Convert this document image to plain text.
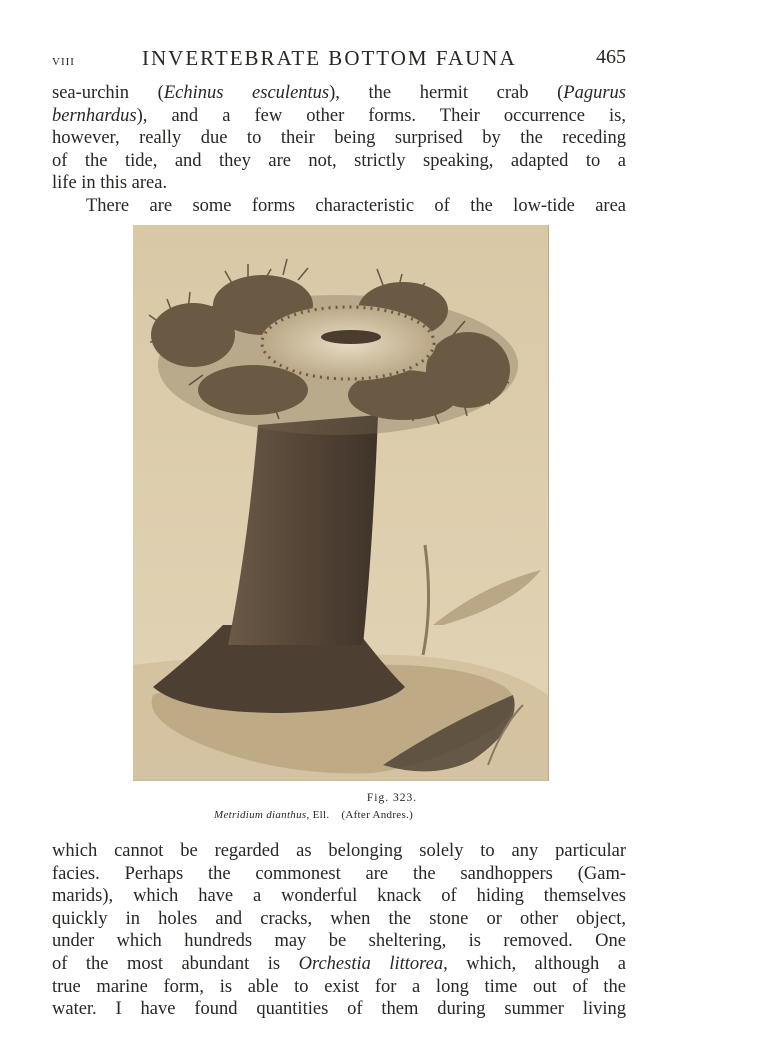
VIII	INVERTEBRATE BOTTOM FAUNA	465
sea-urchin (Echinus esculentus), the hermit crab (Pagurus
bernhardus), and a few other forms. Their occurrence is,
however, really due to their being surprised by the receding
of the tide, and they are not, strictly speaking, adapted to a
life in this area.
There are some forms characteristic of the low-tide area
Fig. 323.
Metridium dianthus, Ell. (After Andres.)
which cannot be regarded as belonging solely to any particular
facies. Perhaps the commonest are the sandhoppers (Gam-
marids), which have a wonderful knack of hiding themselves
quickly in holes and cracks, when the stone or other object,
under which hundreds may be sheltering, is removed. One
of the most abundant is Orchestia littorea, which, although a
true marine form, is able to exist for a long time out of the
water. I have found quantities of them during summer living
